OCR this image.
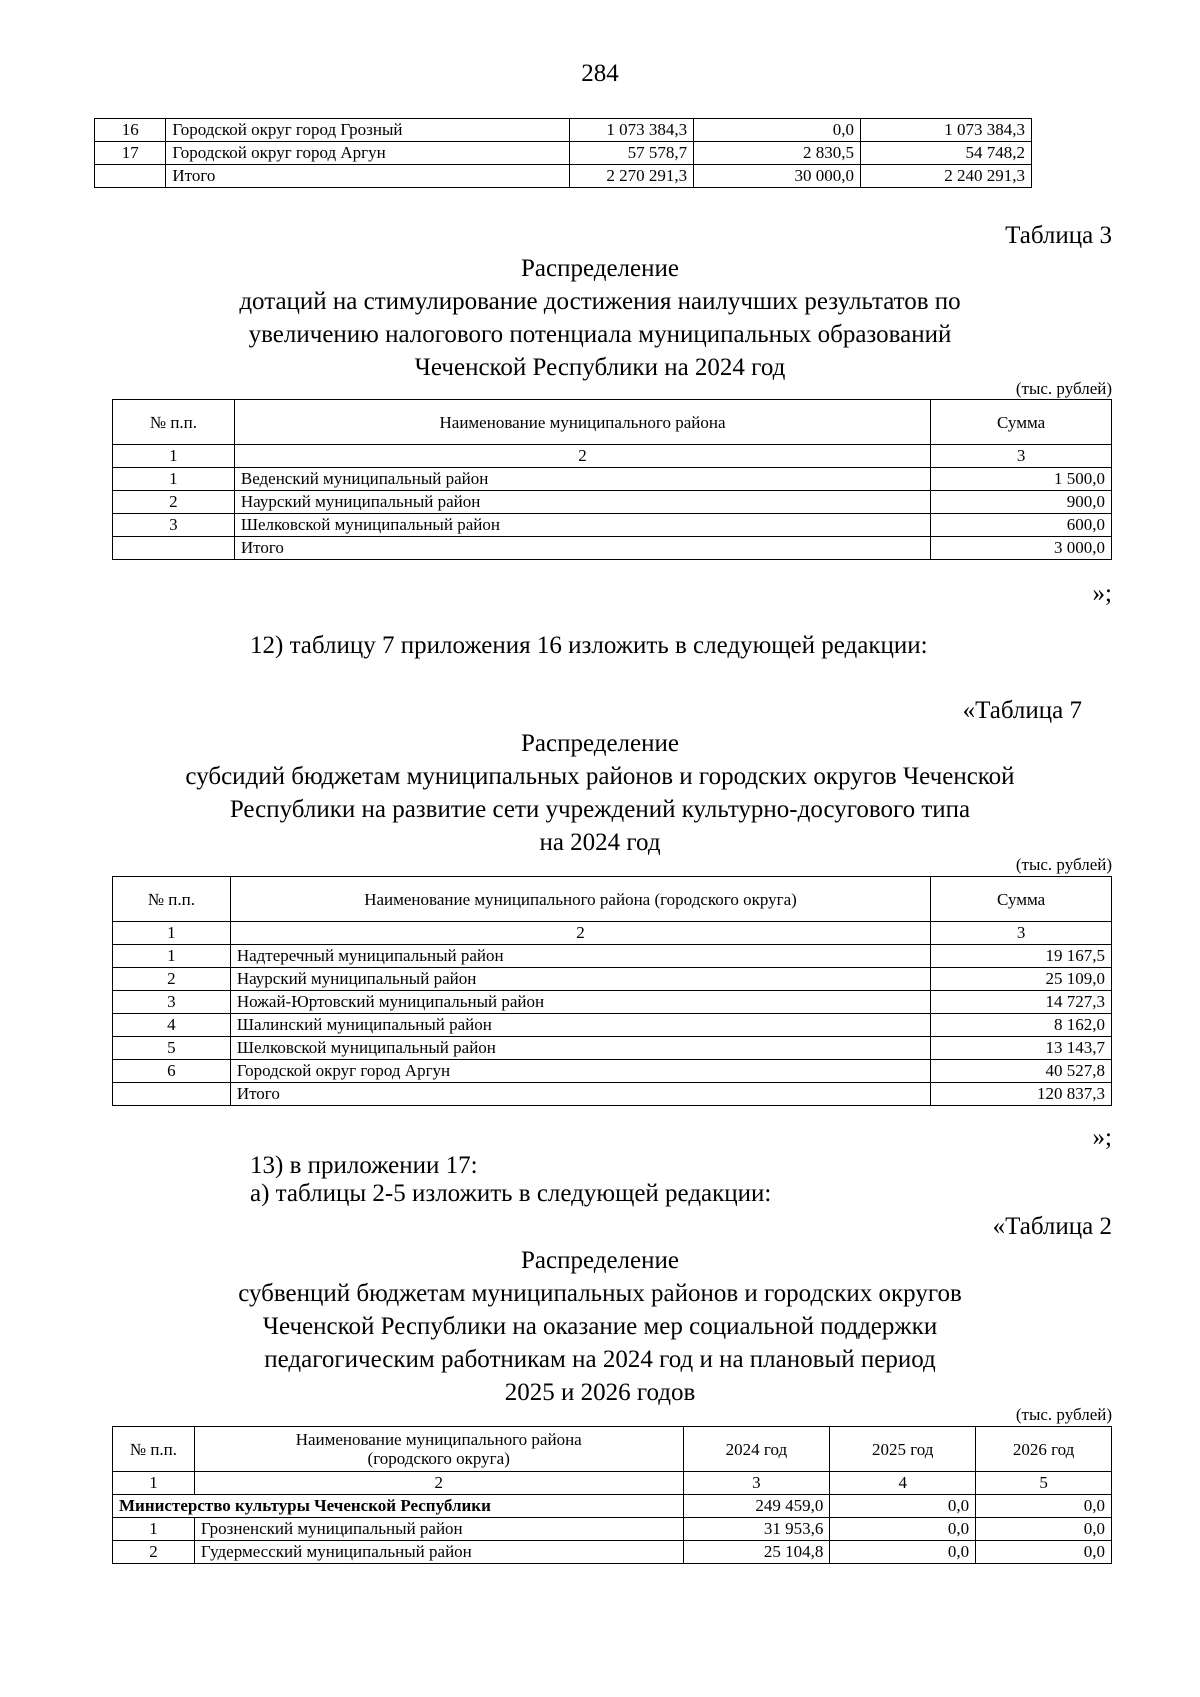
284
16	Городской округ город Грозный	1 073 384,3	0,0	1 073 384,3
17	Городской округ город Аргун	57 578,7	2 830,5	54 748,2
	Итого	2 270 291,3	30 000,0	2 240 291,3
Таблица 3
Распределение
дотаций на стимулирование достижения наилучших результатов по
увеличению налогового потенциала муниципальных образований
Чеченской Республики на 2024 год
(тыс. рублей)
№ п.п.	Наименование муниципального района	Сумма
1	2	3
1	Веденский муниципальный район	1 500,0
2	Наурский муниципальный район	900,0
3	Шелковской муниципальный район	600,0
	Итого	3 000,0
»;
12) таблицу 7 приложения 16 изложить в следующей редакции:
«Таблица 7
Распределение
субсидий бюджетам муниципальных районов и городских округов Чеченской
Республики на развитие сети учреждений культурно-досугового типа
на 2024 год
(тыс. рублей)
№ п.п.	Наименование муниципального района (городского округа)	Сумма
1	2	3
1	Надтеречный муниципальный район	19 167,5
2	Наурский муниципальный район	25 109,0
3	Ножай-Юртовский муниципальный район	14 727,3
4	Шалинский муниципальный район	8 162,0
5	Шелковской муниципальный район	13 143,7
6	Городской округ город Аргун	40 527,8
	Итого	120 837,3
»;
13) в приложении 17:
а) таблицы 2-5 изложить в следующей редакции:
«Таблица 2
Распределение
субвенций бюджетам муниципальных районов и городских округов
Чеченской Республики на оказание мер социальной поддержки
педагогическим работникам на 2024 год и на плановый период
2025 и 2026 годов
(тыс. рублей)
№ п.п.	Наименование муниципального района (городского округа)	2024 год	2025 год	2026 год
1	2	3	4	5
Министерство культуры Чеченской Республики		249 459,0	0,0	0,0
1	Грозненский муниципальный район	31 953,6	0,0	0,0
2	Гудермесский муниципальный район	25 104,8	0,0	0,0
